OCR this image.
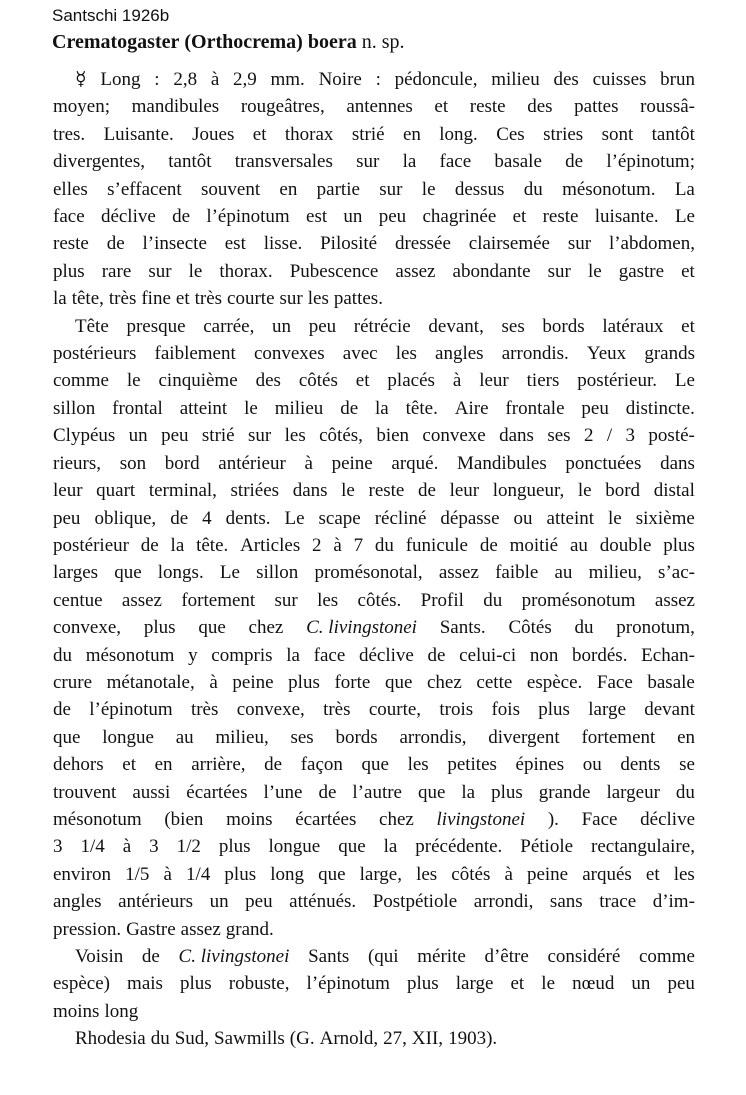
Santschi 1926b
Crematogaster (Orthocrema) boera n. sp.
☿ Long : 2,8 à 2,9 mm. Noire : pédoncule, milieu des cuisses brun
moyen; mandibules rougeâtres, antennes et reste des pattes roussâ-
tres. Luisante. Joues et thorax strié en long. Ces stries sont tantôt
divergentes, tantôt transversales sur la face basale de l’épinotum;
elles s’effacent souvent en partie sur le dessus du mésonotum. La
face déclive de l’épinotum est un peu chagrinée et reste luisante. Le
reste de l’insecte est lisse. Pilosité dressée clairsemée sur l’abdomen,
plus rare sur le thorax. Pubescence assez abondante sur le gastre et
la tête, très fine et très courte sur les pattes.
Tête presque carrée, un peu rétrécie devant, ses bords latéraux et
postérieurs faiblement convexes avec les angles arrondis. Yeux grands
comme le cinquième des côtés et placés à leur tiers postérieur. Le
sillon frontal atteint le milieu de la tête. Aire frontale peu distincte.
Clypéus un peu strié sur les côtés, bien convexe dans ses 2 / 3 posté-
rieurs, son bord antérieur à peine arqué. Mandibules ponctuées dans
leur quart terminal, striées dans le reste de leur longueur, le bord distal
peu oblique, de 4 dents. Le scape récliné dépasse ou atteint le sixième
postérieur de la tête. Articles 2 à 7 du funicule de moitié au double plus
larges que longs. Le sillon promésonotal, assez faible au milieu, s’ac-
centue assez fortement sur les côtés. Profil du promésonotum assez
convexe, plus que chez C. livingstonei Sants. Côtés du pronotum,
du mésonotum y compris la face déclive de celui-ci non bordés. Echan-
crure métanotale, à peine plus forte que chez cette espèce. Face basale
de l’épinotum très convexe, très courte, trois fois plus large devant
que longue au milieu, ses bords arrondis, divergent fortement en
dehors et en arrière, de façon que les petites épines ou dents se
trouvent aussi écartées l’une de l’autre que la plus grande largeur du
mésonotum (bien moins écartées chez livingstonei ). Face déclive
3 1/4 à 3 1/2 plus longue que la précédente. Pétiole rectangulaire,
environ 1/5 à 1/4 plus long que large, les côtés à peine arqués et les
angles antérieurs un peu atténués. Postpétiole arrondi, sans trace d’im-
pression. Gastre assez grand.
Voisin de C. livingstonei Sants (qui mérite d’être considéré comme
espèce) mais plus robuste, l’épinotum plus large et le nœud un peu
moins long
Rhodesia du Sud, Sawmills (G. Arnold, 27, XII, 1903).
